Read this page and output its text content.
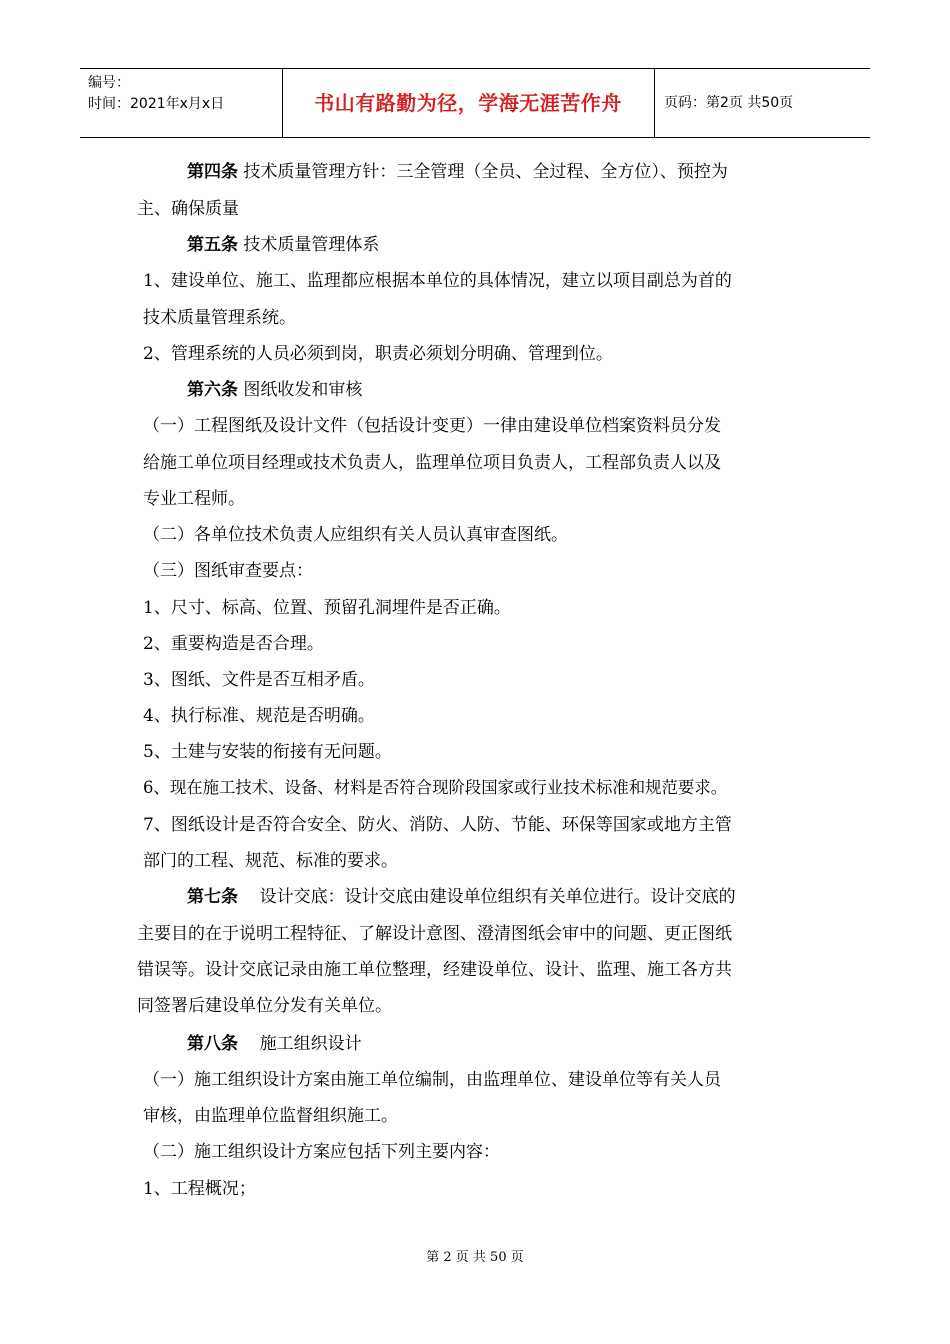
编号：
时间：2021年x月x日	书山有路勤为径，学海无涯苦作舟	页码：第2页 共50页
第四条 技术质量管理方针：三全管理（全员、全过程、全方位）、预控为
主、确保质量
第五条 技术质量管理体系
1、建设单位、施工、监理都应根据本单位的具体情况，建立以项目副总为首的
技术质量管理系统。
2、管理系统的人员必须到岗，职责必须划分明确、管理到位。
第六条 图纸收发和审核
（一）工程图纸及设计文件（包括设计变更）一律由建设单位档案资料员分发
给施工单位项目经理或技术负责人，监理单位项目负责人，工程部负责人以及
专业工程师。
（二）各单位技术负责人应组织有关人员认真审查图纸。
（三）图纸审查要点：
1、尺寸、标高、位置、预留孔洞埋件是否正确。
2、重要构造是否合理。
3、图纸、文件是否互相矛盾。
4、执行标准、规范是否明确。
5、土建与安装的衔接有无问题。
6、现在施工技术、设备、材料是否符合现阶段国家或行业技术标准和规范要求。
7、图纸设计是否符合安全、防火、消防、人防、节能、环保等国家或地方主管
部门的工程、规范、标准的要求。
第七条    设计交底：设计交底由建设单位组织有关单位进行。设计交底的
主要目的在于说明工程特征、了解设计意图、澄清图纸会审中的问题、更正图纸
错误等。设计交底记录由施工单位整理，经建设单位、设计、监理、施工各方共
同签署后建设单位分发有关单位。
第八条    施工组织设计
（一）施工组织设计方案由施工单位编制，由监理单位、建设单位等有关人员
审核，由监理单位监督组织施工。
（二）施工组织设计方案应包括下列主要内容：
1、工程概况；
第 2 页 共 50 页
